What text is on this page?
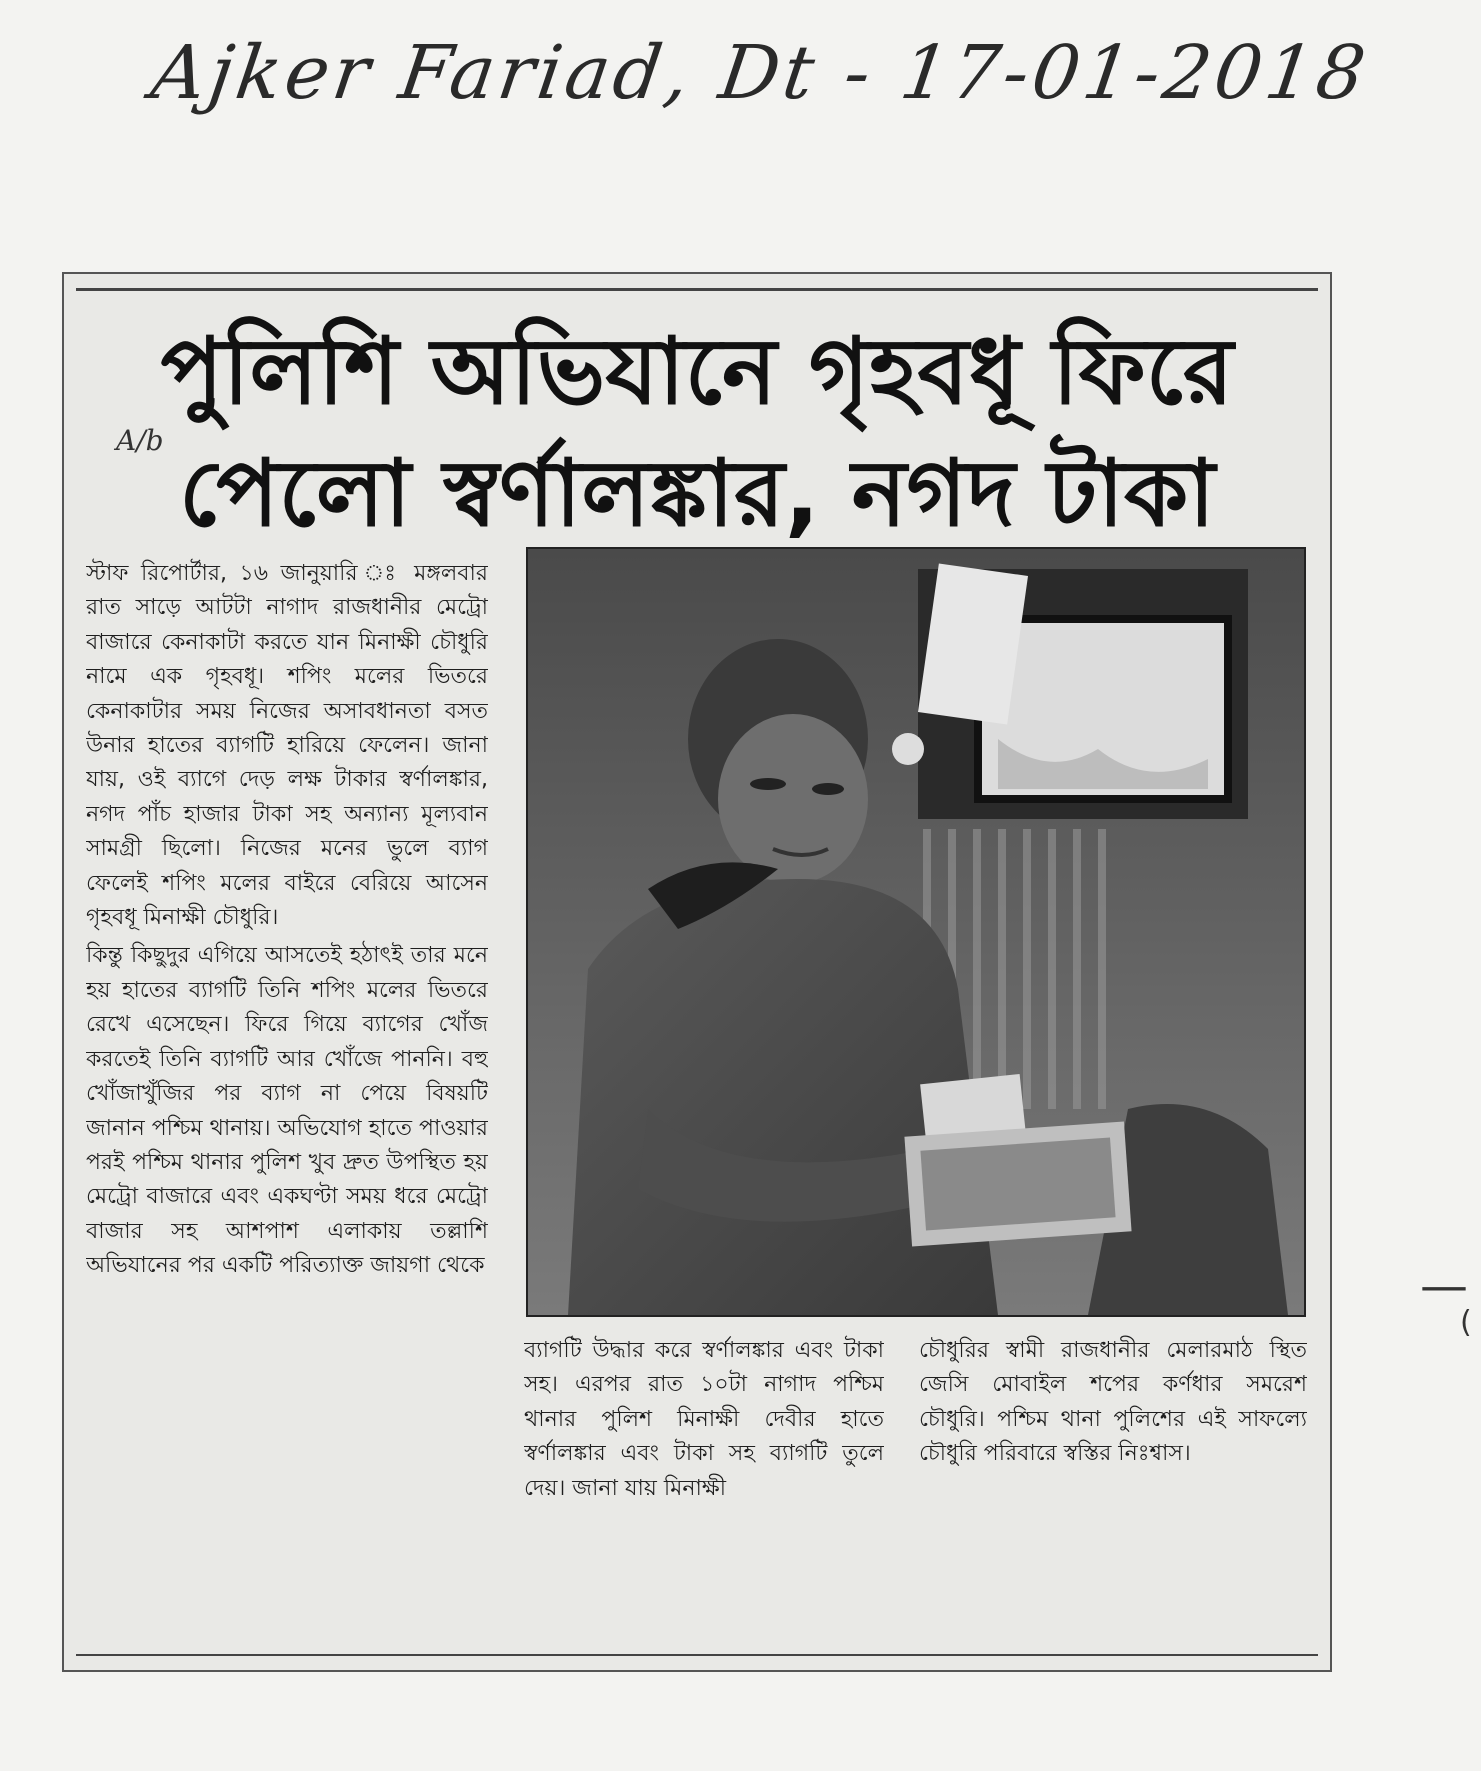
Ajker Fariad, Dt - 17-01-2018
A/b
পুলিশি অভিযানে গৃহবধূ ফিরে
পেলো স্বর্ণালঙ্কার, নগদ টাকা

স্টাফ রিপোর্টার, ১৬ জানুয়ারি ঃ মঙ্গলবার রাত সাড়ে আটটা নাগাদ রাজধানীর মেট্রো বাজারে কেনাকাটা করতে যান মিনাক্ষী চৌধুরি নামে এক গৃহবধূ। শপিং মলের ভিতরে কেনাকাটার সময় নিজের অসাবধানতা বসত উনার হাতের ব্যাগটি হারিয়ে ফেলেন। জানা যায়, ওই ব্যাগে দেড় লক্ষ টাকার স্বর্ণালঙ্কার, নগদ পাঁচ হাজার টাকা সহ অন্যান্য মূল্যবান সামগ্রী ছিলো। নিজের মনের ভুলে ব্যাগ ফেলেই শপিং মলের বাইরে বেরিয়ে আসেন গৃহবধূ মিনাক্ষী চৌধুরি।

কিন্তু কিছুদুর এগিয়ে আসতেই হঠাৎই তার মনে হয় হাতের ব্যাগটি তিনি শপিং মলের ভিতরে রেখে এসেছেন। ফিরে গিয়ে ব্যাগের খোঁজ করতেই তিনি ব্যাগটি আর খোঁজে পাননি। বহু খোঁজাখুঁজির পর ব্যাগ না পেয়ে বিষয়টি জানান পশ্চিম থানায়। অভিযোগ হাতে পাওয়ার পরই পশ্চিম থানার পুলিশ খুব দ্রুত উপস্থিত হয় মেট্রো বাজারে এবং একঘণ্টা সময় ধরে মেট্রো বাজার সহ আশপাশ এলাকায় তল্লাশি অভিযানের পর একটি পরিত্যাক্ত জায়গা থেকে

ব্যাগটি উদ্ধার করে স্বর্ণালঙ্কার এবং টাকা সহ। এরপর রাত ১০টা নাগাদ পশ্চিম থানার পুলিশ মিনাক্ষী দেবীর হাতে স্বর্ণালঙ্কার এবং টাকা সহ ব্যাগটি তুলে দেয়। জানা যায় মিনাক্ষী

চৌধুরির স্বামী রাজধানীর মেলারমাঠ স্থিত জেসি মোবাইল শপের কর্ণধার সমরেশ চৌধুরি। পশ্চিম থানা পুলিশের এই সাফল্যে চৌধুরি পরিবারে স্বস্তির নিঃশ্বাস।

—
(
